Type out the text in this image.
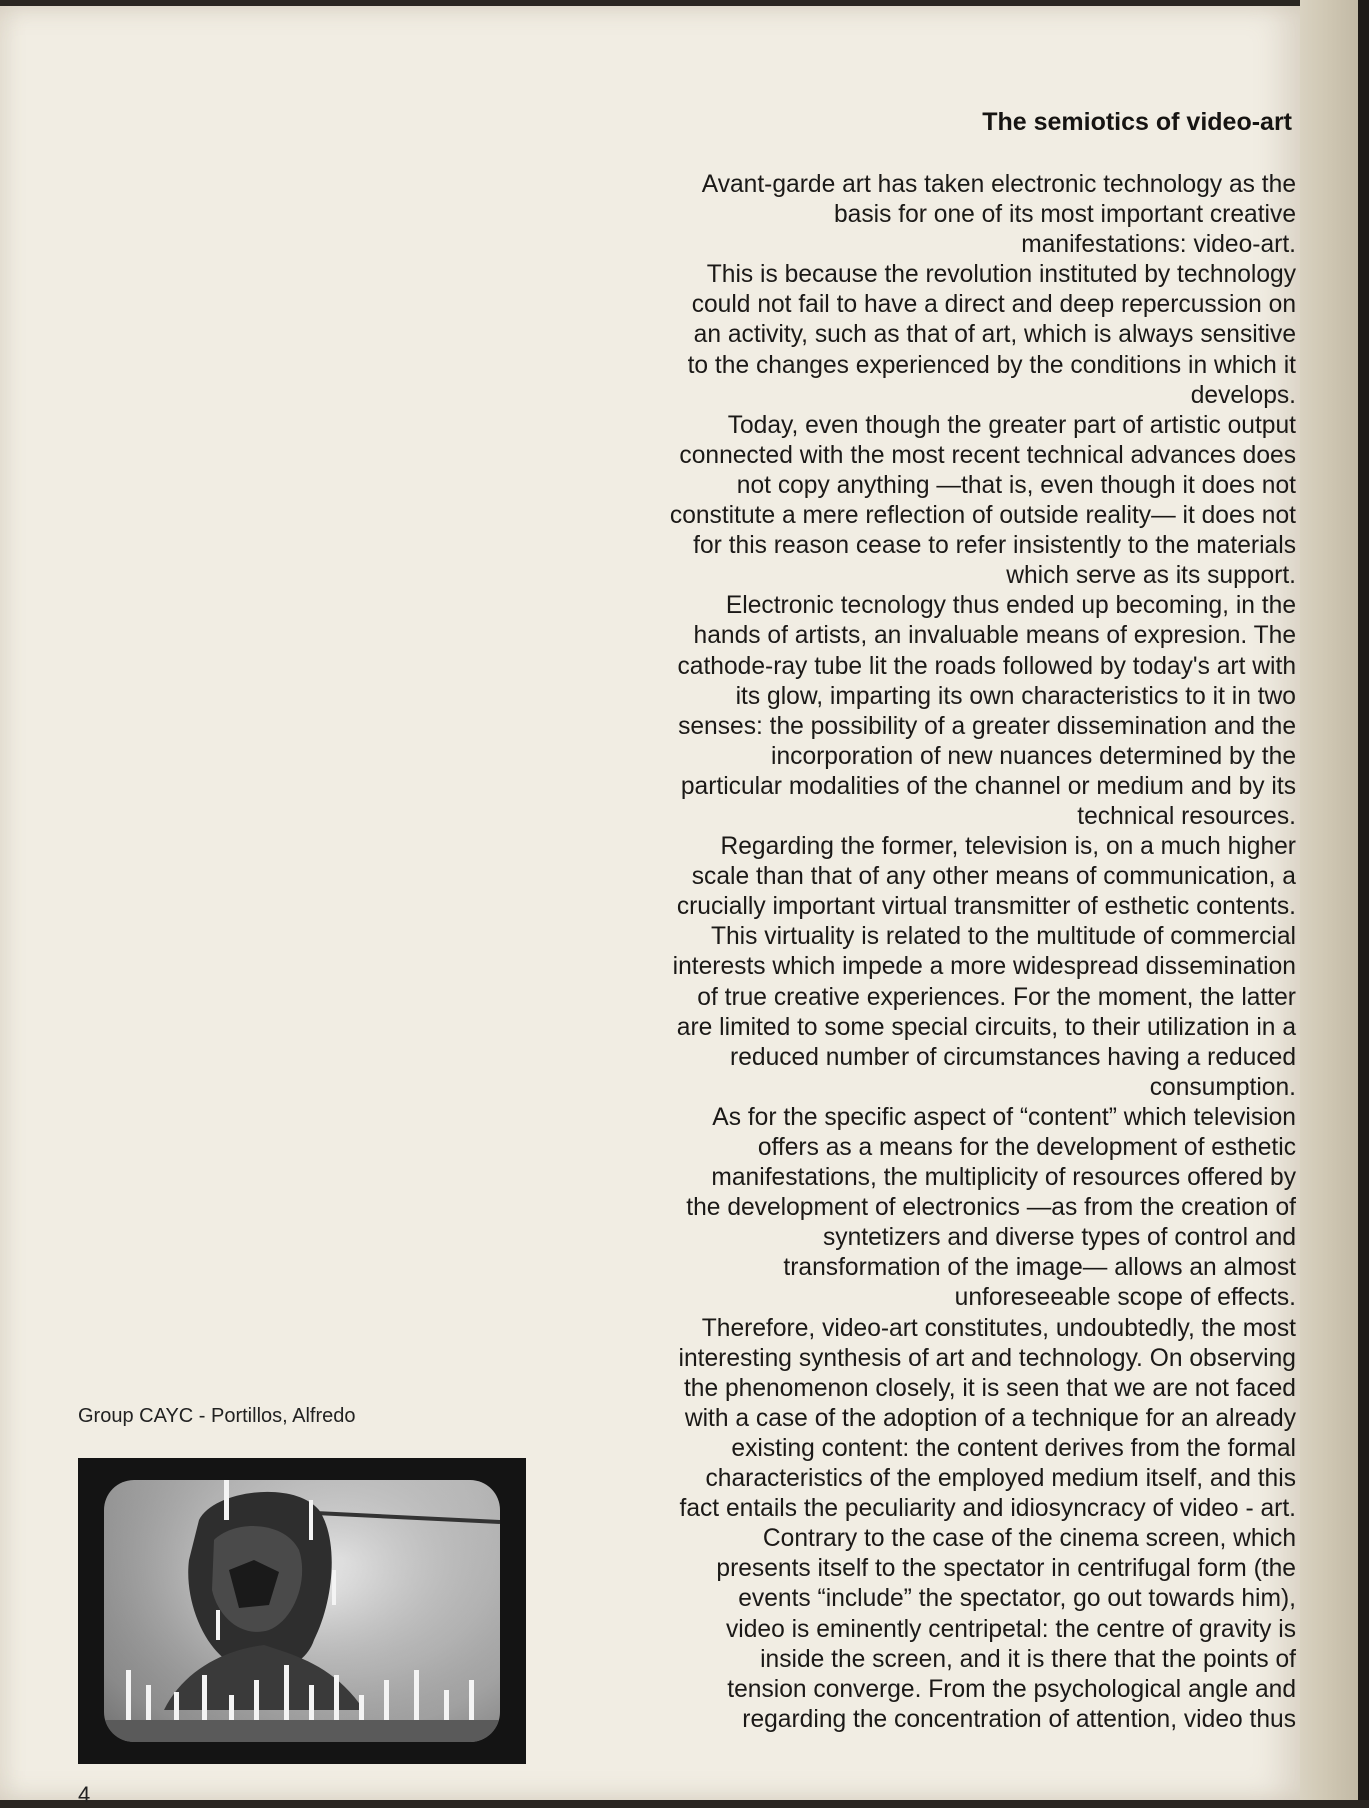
The semiotics of video-art
Avant-garde art has taken electronic technology as the
basis for one of its most important creative
manifestations: video-art.
This is because the revolution instituted by technology
could not fail to have a direct and deep repercussion on
an activity, such as that of art, which is always sensitive
to the changes experienced by the conditions in which it
develops.
Today, even though the greater part of artistic output
connected with the most recent technical advances does
not copy anything —that is, even though it does not
constitute a mere reflection of outside reality— it does not
for this reason cease to refer insistently to the materials
which serve as its support.
Electronic tecnology thus ended up becoming, in the
hands of artists, an invaluable means of expresion. The
cathode-ray tube lit the roads followed by today's art with
its glow, imparting its own characteristics to it in two
senses: the possibility of a greater dissemination and the
incorporation of new nuances determined by the
particular modalities of the channel or medium and by its
technical resources.
Regarding the former, television is, on a much higher
scale than that of any other means of communication, a
crucially important virtual transmitter of esthetic contents.
This virtuality is related to the multitude of commercial
interests which impede a more widespread dissemination
of true creative experiences. For the moment, the latter
are limited to some special circuits, to their utilization in a
reduced number of circumstances having a reduced
consumption.
As for the specific aspect of “content” which television
offers as a means for the development of esthetic
manifestations, the multiplicity of resources offered by
the development of electronics —as from the creation of
syntetizers and diverse types of control and
transformation of the image— allows an almost
unforeseeable scope of effects.
Therefore, video-art constitutes, undoubtedly, the most
interesting synthesis of art and technology. On observing
the phenomenon closely, it is seen that we are not faced
with a case of the adoption of a technique for an already
existing content: the content derives from the formal
characteristics of the employed medium itself, and this
fact entails the peculiarity and idiosyncracy of video - art.
Contrary to the case of the cinema screen, which
presents itself to the spectator in centrifugal form (the
events “include” the spectator, go out towards him),
video is eminently centripetal: the centre of gravity is
inside the screen, and it is there that the points of
tension converge. From the psychological angle and
regarding the concentration of attention, video thus
Group CAYC - Portillos, Alfredo
4
